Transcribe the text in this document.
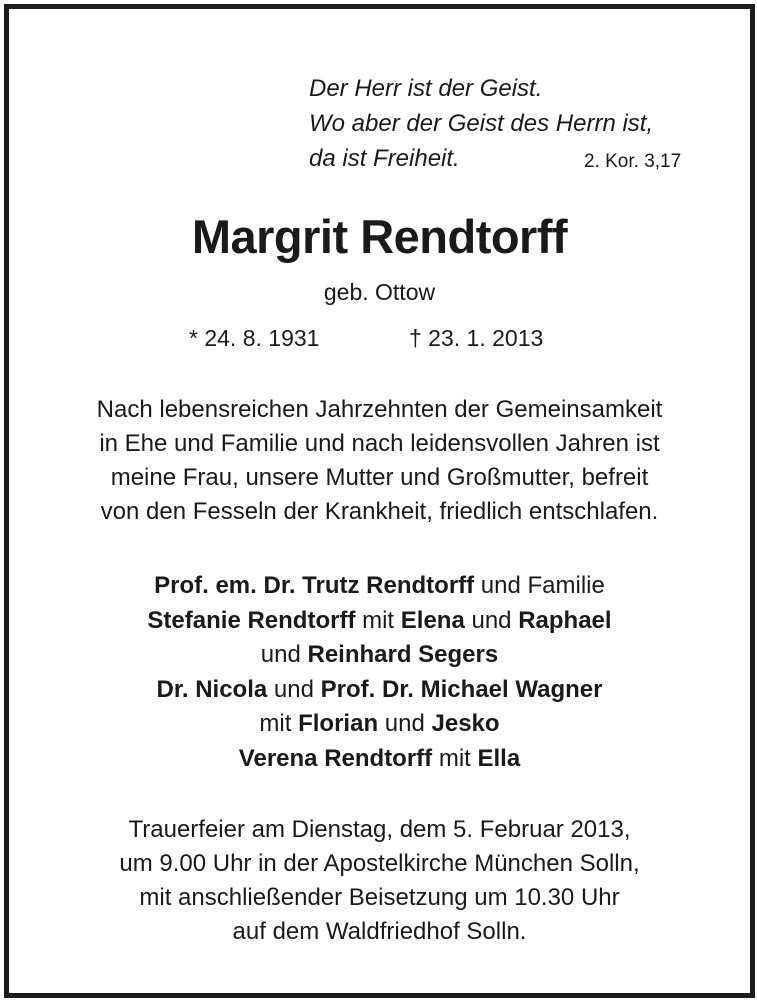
Der Herr ist der Geist.
Wo aber der Geist des Herrn ist,
da ist Freiheit.	2. Kor. 3,17
Margrit Rendtorff
geb. Ottow
* 24. 8. 1931	† 23. 1. 2013
Nach lebensreichen Jahrzehnten der Gemeinsamkeit
in Ehe und Familie und nach leidensvollen Jahren ist
meine Frau, unsere Mutter und Großmutter, befreit
von den Fesseln der Krankheit, friedlich entschlafen.
Prof. em. Dr. Trutz Rendtorff und Familie
Stefanie Rendtorff mit Elena und Raphael
und Reinhard Segers
Dr. Nicola und Prof. Dr. Michael Wagner
mit Florian und Jesko
Verena Rendtorff mit Ella
Trauerfeier am Dienstag, dem 5. Februar 2013,
um 9.00 Uhr in der Apostelkirche München Solln,
mit anschließender Beisetzung um 10.30 Uhr
auf dem Waldfriedhof Solln.
